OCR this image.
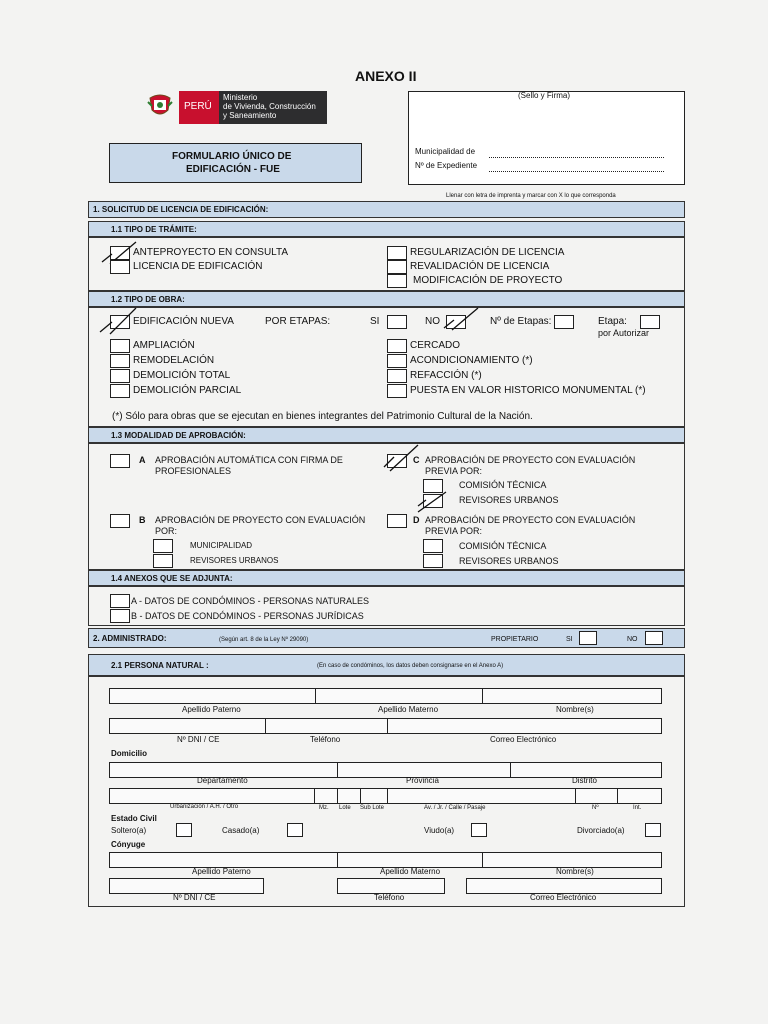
ANEXO II
PERÚ
Ministerio
de Vivienda, Construcción
y Saneamiento
(Sello y Firma)
Municipalidad de
Nº de Expediente
FORMULARIO ÚNICO DE
EDIFICACIÓN - FUE
Llenar con letra de imprenta y marcar con X lo que corresponda
1. SOLICITUD DE LICENCIA DE EDIFICACIÓN:
1.1 TIPO DE TRÁMITE:
ANTEPROYECTO EN CONSULTA
LICENCIA DE EDIFICACIÓN
REGULARIZACIÓN DE LICENCIA
REVALIDACIÓN DE LICENCIA
MODIFICACIÓN DE PROYECTO
1.2 TIPO DE OBRA:
EDIFICACIÓN NUEVA	POR ETAPAS:	SI	NO	Nº de Etapas:	Etapa:
por Autorizar
AMPLIACIÓN
REMODELACIÓN
DEMOLICIÓN TOTAL
DEMOLICIÓN PARCIAL
CERCADO
ACONDICIONAMIENTO (*)
REFACCIÓN (*)
PUESTA EN VALOR HISTORICO MONUMENTAL (*)
(*) Sólo para obras que se ejecutan en bienes integrantes del Patrimonio Cultural de la Nación.
1.3 MODALIDAD DE APROBACIÓN:
A APROBACIÓN AUTOMÁTICA CON FIRMA DE
PROFESIONALES
C APROBACIÓN DE PROYECTO CON EVALUACIÓN
PREVIA POR:
COMISIÓN TÉCNICA
REVISORES URBANOS
B APROBACIÓN DE PROYECTO CON EVALUACIÓN
POR:
MUNICIPALIDAD
REVISORES URBANOS
D APROBACIÓN DE PROYECTO CON EVALUACIÓN
PREVIA POR:
COMISIÓN TÉCNICA
REVISORES URBANOS
1.4 ANEXOS QUE SE ADJUNTA:
A - DATOS DE CONDÓMINOS - PERSONAS NATURALES
B - DATOS DE CONDÓMINOS - PERSONAS JURÍDICAS
2. ADMINISTRADO:	(Según art. 8 de la Ley Nº 29090)	PROPIETARIO	SI	NO
2.1 PERSONA NATURAL :	(En caso de condóminos, los datos deben consignarse en el Anexo A)
Apellido Paterno	Apellido Materno	Nombre(s)
Nº DNI / CE	Teléfono	Correo Electrónico
Domicilio
Departamento	Provincia	Distrito
Urbanización / A.H. / Otro	Mz. Lote Sub Lote	Av. / Jr. / Calle / Pasaje	Nº	Int.
Estado Civil
Soltero(a)	Casado(a)	Viudo(a)	Divorciado(a)
Cónyuge
Apellido Paterno	Apellido Materno	Nombre(s)
Nº DNI / CE	Teléfono	Correo Electrónico
